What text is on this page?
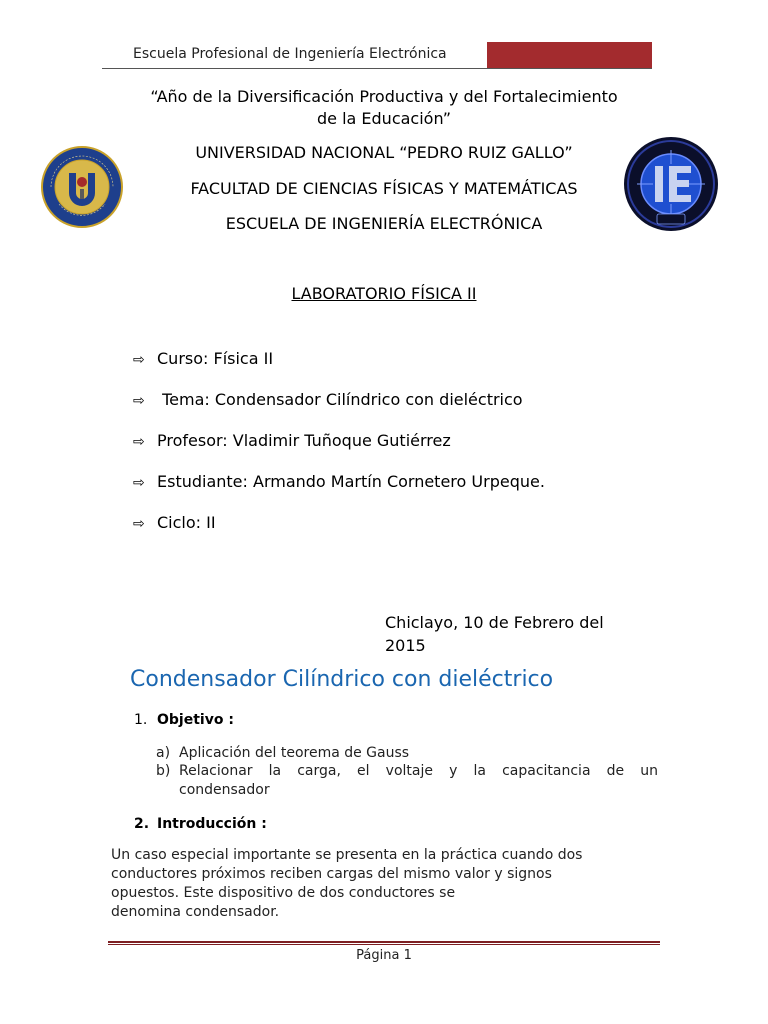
Escuela Profesional de Ingeniería Electrónica
“Año de la Diversificación Productiva y del Fortalecimiento
de la Educación”
UNIVERSIDAD NACIONAL “PEDRO RUIZ GALLO”
FACULTAD DE CIENCIAS FÍSICAS Y MATEMÁTICAS
ESCUELA DE INGENIERÍA ELECTRÓNICA
LABORATORIO FÍSICA II
⇨ Curso: Física II
⇨ Tema: Condensador Cilíndrico con dieléctrico
⇨ Profesor: Vladimir Tuñoque Gutiérrez
⇨ Estudiante: Armando Martín Cornetero Urpeque.
⇨ Ciclo: II
Chiclayo, 10 de Febrero del
2015
Condensador Cilíndrico con dieléctrico
1. Objetivo :
a) Aplicación del teorema de Gauss
b) Relacionar la carga, el voltaje y la capacitancia de un
condensador
2. Introducción :
Un caso especial importante se presenta en la práctica cuando dos
conductores próximos reciben cargas del mismo valor y signos
opuestos. Este dispositivo de dos conductores se
denomina condensador.
Página 1
